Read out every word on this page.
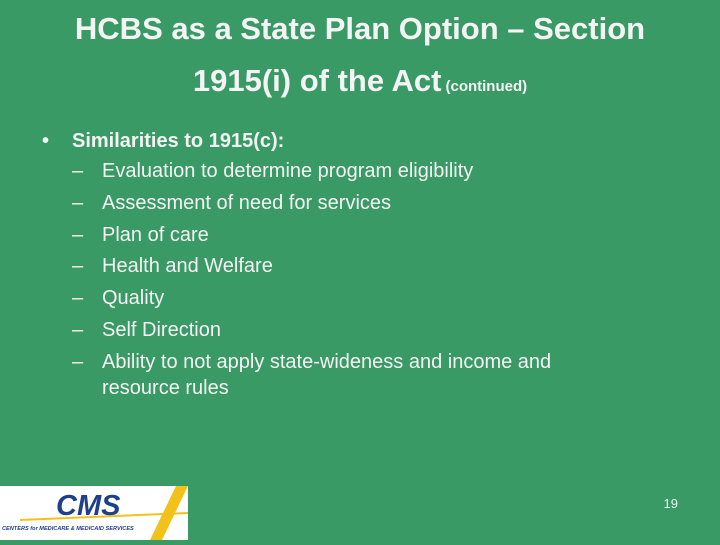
HCBS as a State Plan Option – Section 1915(i) of the Act (continued)
•	Similarities to 1915(c):
– Evaluation to determine program eligibility
– Assessment of need for services
– Plan of care
– Health and Welfare
– Quality
– Self Direction
– Ability to not apply state-wideness and income and resource rules
CMS
CENTERS for MEDICARE & MEDICAID SERVICES
19
